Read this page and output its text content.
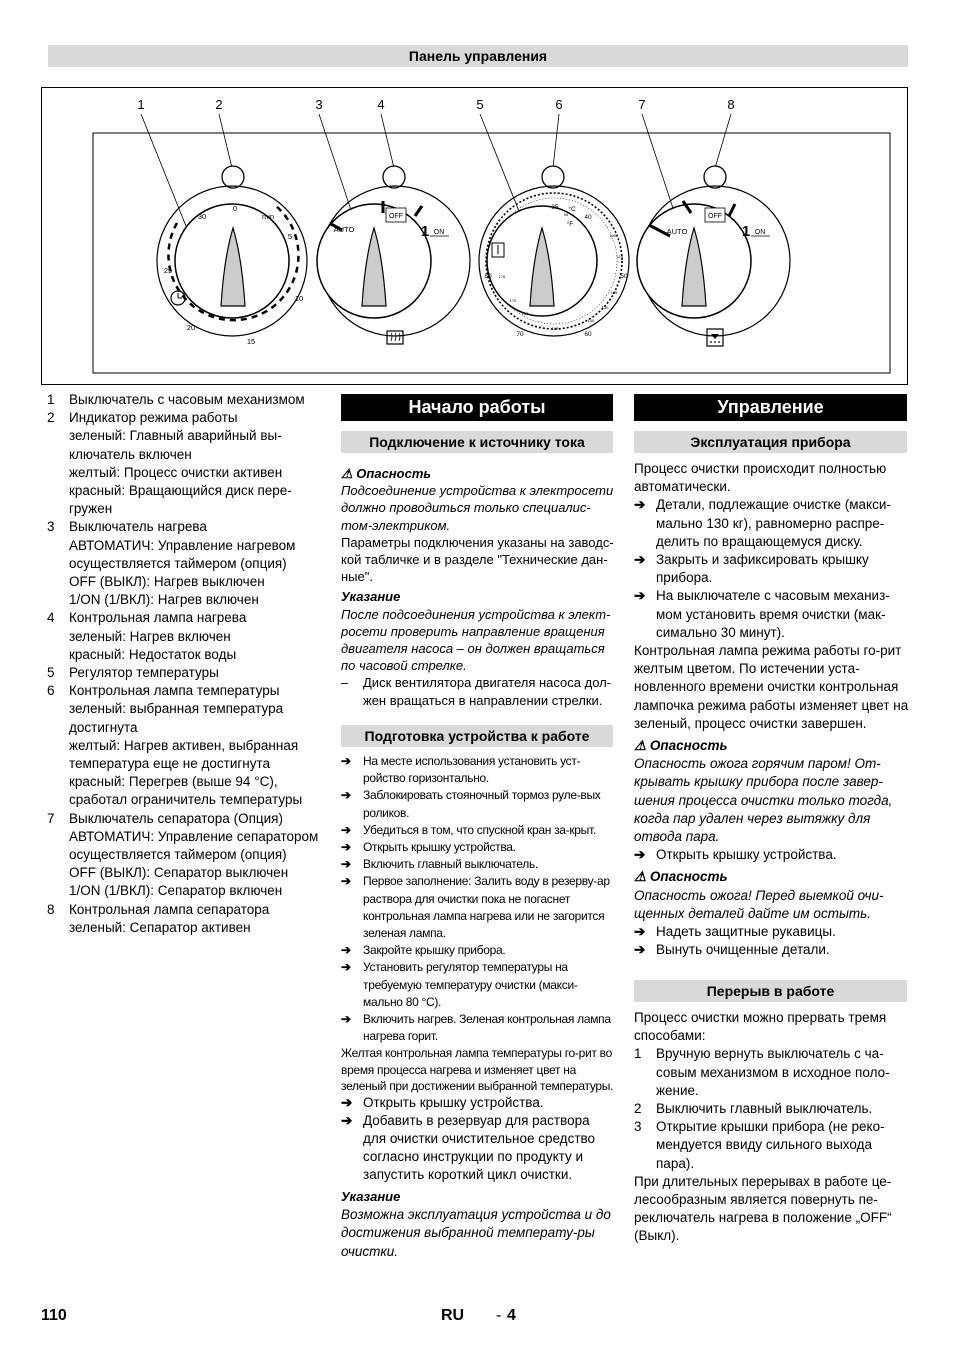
Панель управления
1	2	3	4	5	6	7	8
30
0
min
5
25
10
20
15
OFF
AUTO	1 ON
35 °C
40
°F
80	50
70	60
95
105
115
125
130
140
150
160
170
176
OFF
AUTO	1 ON
1 Выключатель с часовым механизмом
2 Индикатор режима работы
зеленый: Главный аварийный вы-
ключатель включен
желтый: Процесс очистки активен
красный: Вращающийся диск пере-
гружен
3 Выключатель нагрева
АВТОМАТИЧ: Управление нагревом
осуществляется таймером (опция)
OFF (ВЫКЛ): Нагрев выключен
1/ON (1/ВКЛ): Нагрев включен
4 Контрольная лампа нагрева
зеленый: Нагрев включен
красный: Недостаток воды
5 Регулятор температуры
6 Контрольная лампа температуры
зеленый: выбранная температура
достигнута
желтый: Нагрев активен, выбранная
температура еще не достигнута
красный: Перегрев (выше 94 °C),
сработал ограничитель температуры
7 Выключатель сепаратора (Опция)
АВТОМАТИЧ: Управление сепаратором
осуществляется таймером (опция)
OFF (ВЫКЛ): Сепаратор выключен
1/ON (1/ВКЛ): Сепаратор включен
8 Контрольная лампа сепаратора
зеленый: Сепаратор активен
Начало работы
Подключение к источнику тока

⚠ Опасность

Подсоединение устройства к электросети должно проводиться только специалис-том-электриком.

Параметры подключения указаны на заводс-кой табличке и в разделе "Технические дан-ные".

Указание

После подсоединения устройства к элект-росети проверить направление вращения двигателя насоса – он должен вращаться по часовой стрелке.

– Диск вентилятора двигателя насоса дол-жен вращаться в направлении стрелки.

Подготовка устройства к работе

➔ На месте использования установить уст-ройство горизонтально.

➔ Заблокировать стояночный тормоз руле-вых роликов.

➔ Убедиться в том, что спускной кран за-крыт.

➔ Открыть крышку устройства.

➔ Включить главный выключатель.

➔ Первое заполнение: Залить воду в резерву-ар раствора для очистки пока не погаснет контрольная лампа нагрева или не загорится зеленая лампа.

➔ Закройте крышку прибора.

➔ Установить регулятор температуры на требуемую температуру очистки (макси-мально 80 °C).

➔ Включить нагрев. Зеленая контрольная лампа нагрева горит.

Желтая контрольная лампа температуры го-рит во время процесса нагрева и изменяет цвет на зеленый при достижении выбранной температуры.

➔ Открыть крышку устройства.

➔ Добавить в резервуар для раствора для очистки очистительное средство согласно инструкции по продукту и запустить короткий цикл очистки.

Указание

Возможна эксплуатация устройства и до достижения выбранной температу-ры очистки.

Управление
Эксплуатация прибора

Процесс очистки происходит полностью автоматически.

➔ Детали, подлежащие очистке (макси-мально 130 кг), равномерно распре-делить по вращающемуся диску.

➔ Закрыть и зафиксировать крышку прибора.

➔ На выключателе с часовым механиз-мом установить время очистки (мак-симально 30 минут).

Контрольная лампа режима работы го-рит желтым цветом. По истечении уста-новленного времени очистки контрольная лампочка режима работы изменяет цвет на зеленый, процесс очистки завершен.

⚠ Опасность

Опасность ожога горячим паром! От-крывать крышку прибора после завер-шения процесса очистки только тогда, когда пар удален через вытяжку для отвода пара.

➔ Открыть крышку устройства.

⚠ Опасность

Опасность ожога! Перед выемкой очи-щенных деталей дайте им остыть.

➔ Надеть защитные рукавицы.

➔ Вынуть очищенные детали.

Перерыв в работе

Процесс очистки можно прервать тремя способами:

1 Вручную вернуть выключатель с ча-совым механизмом в исходное поло-жение.
2 Выключить главный выключатель.
3 Открытие крышки прибора (не реко-мендуется ввиду сильного выхода пара).

При длительных перерывах в работе це-лесообразным является повернуть пе-реключатель нагрева в положение „OFF“ (Выкл).

110	RU - 4
